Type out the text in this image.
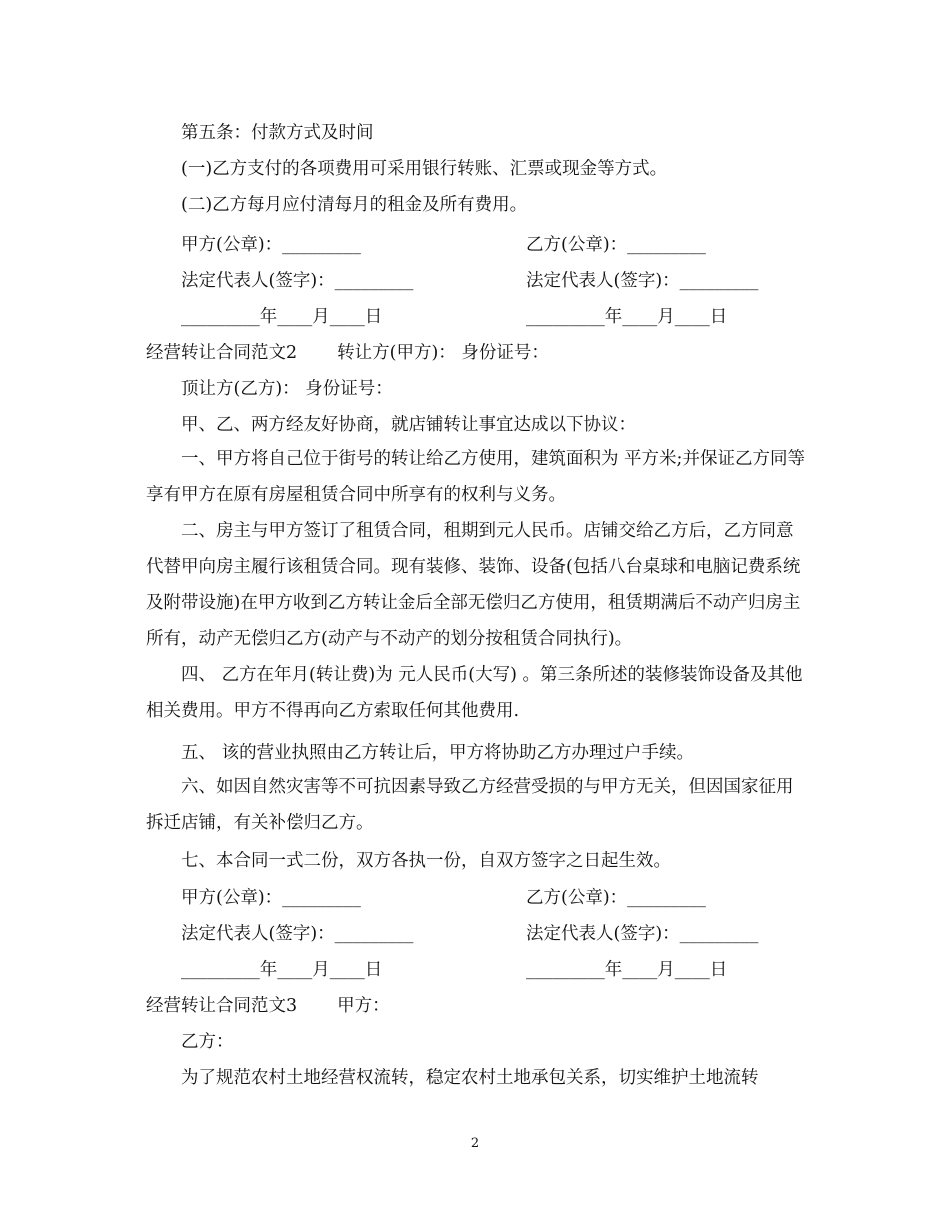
第五条：付款方式及时间
(一)乙方支付的各项费用可采用银行转账、汇票或现金等方式。
(二)乙方每月应付清每月的租金及所有费用。
甲方(公章)：_________	乙方(公章)：_________
法定代表人(签字)：_________	法定代表人(签字)：_________
_________年____月____日	_________年____月____日
经营转让合同范文2 转让方(甲方)： 身份证号：
顶让方(乙方)： 身份证号：
甲、乙、两方经友好协商，就店铺转让事宜达成以下协议：

一、甲方将自己位于街号的转让给乙方使用，建筑面积为 平方米;并保证乙方同等享有甲方在原有房屋租赁合同中所享有的权利与义务。

二、房主与甲方签订了租赁合同，租期到元人民币。店铺交给乙方后，乙方同意代替甲向房主履行该租赁合同。现有装修、装饰、设备(包括八台桌球和电脑记费系统及附带设施)在甲方收到乙方转让金后全部无偿归乙方使用，租赁期满后不动产归房主所有，动产无偿归乙方(动产与不动产的划分按租赁合同执行)。

四、 乙方在年月(转让费)为 元人民币(大写) 。第三条所述的装修装饰设备及其他相关费用。甲方不得再向乙方索取任何其他费用.

五、 该的营业执照由乙方转让后，甲方将协助乙方办理过户手续。

六、如因自然灾害等不可抗因素导致乙方经营受损的与甲方无关，但因国家征用拆迁店铺，有关补偿归乙方。

七、本合同一式二份，双方各执一份，自双方签字之日起生效。
甲方(公章)：_________	乙方(公章)：_________
法定代表人(签字)：_________	法定代表人(签字)：_________
_________年____月____日	_________年____月____日
经营转让合同范文3 甲方：
乙方：
为了规范农村土地经营权流转，稳定农村土地承包关系，切实维护土地流转
2
